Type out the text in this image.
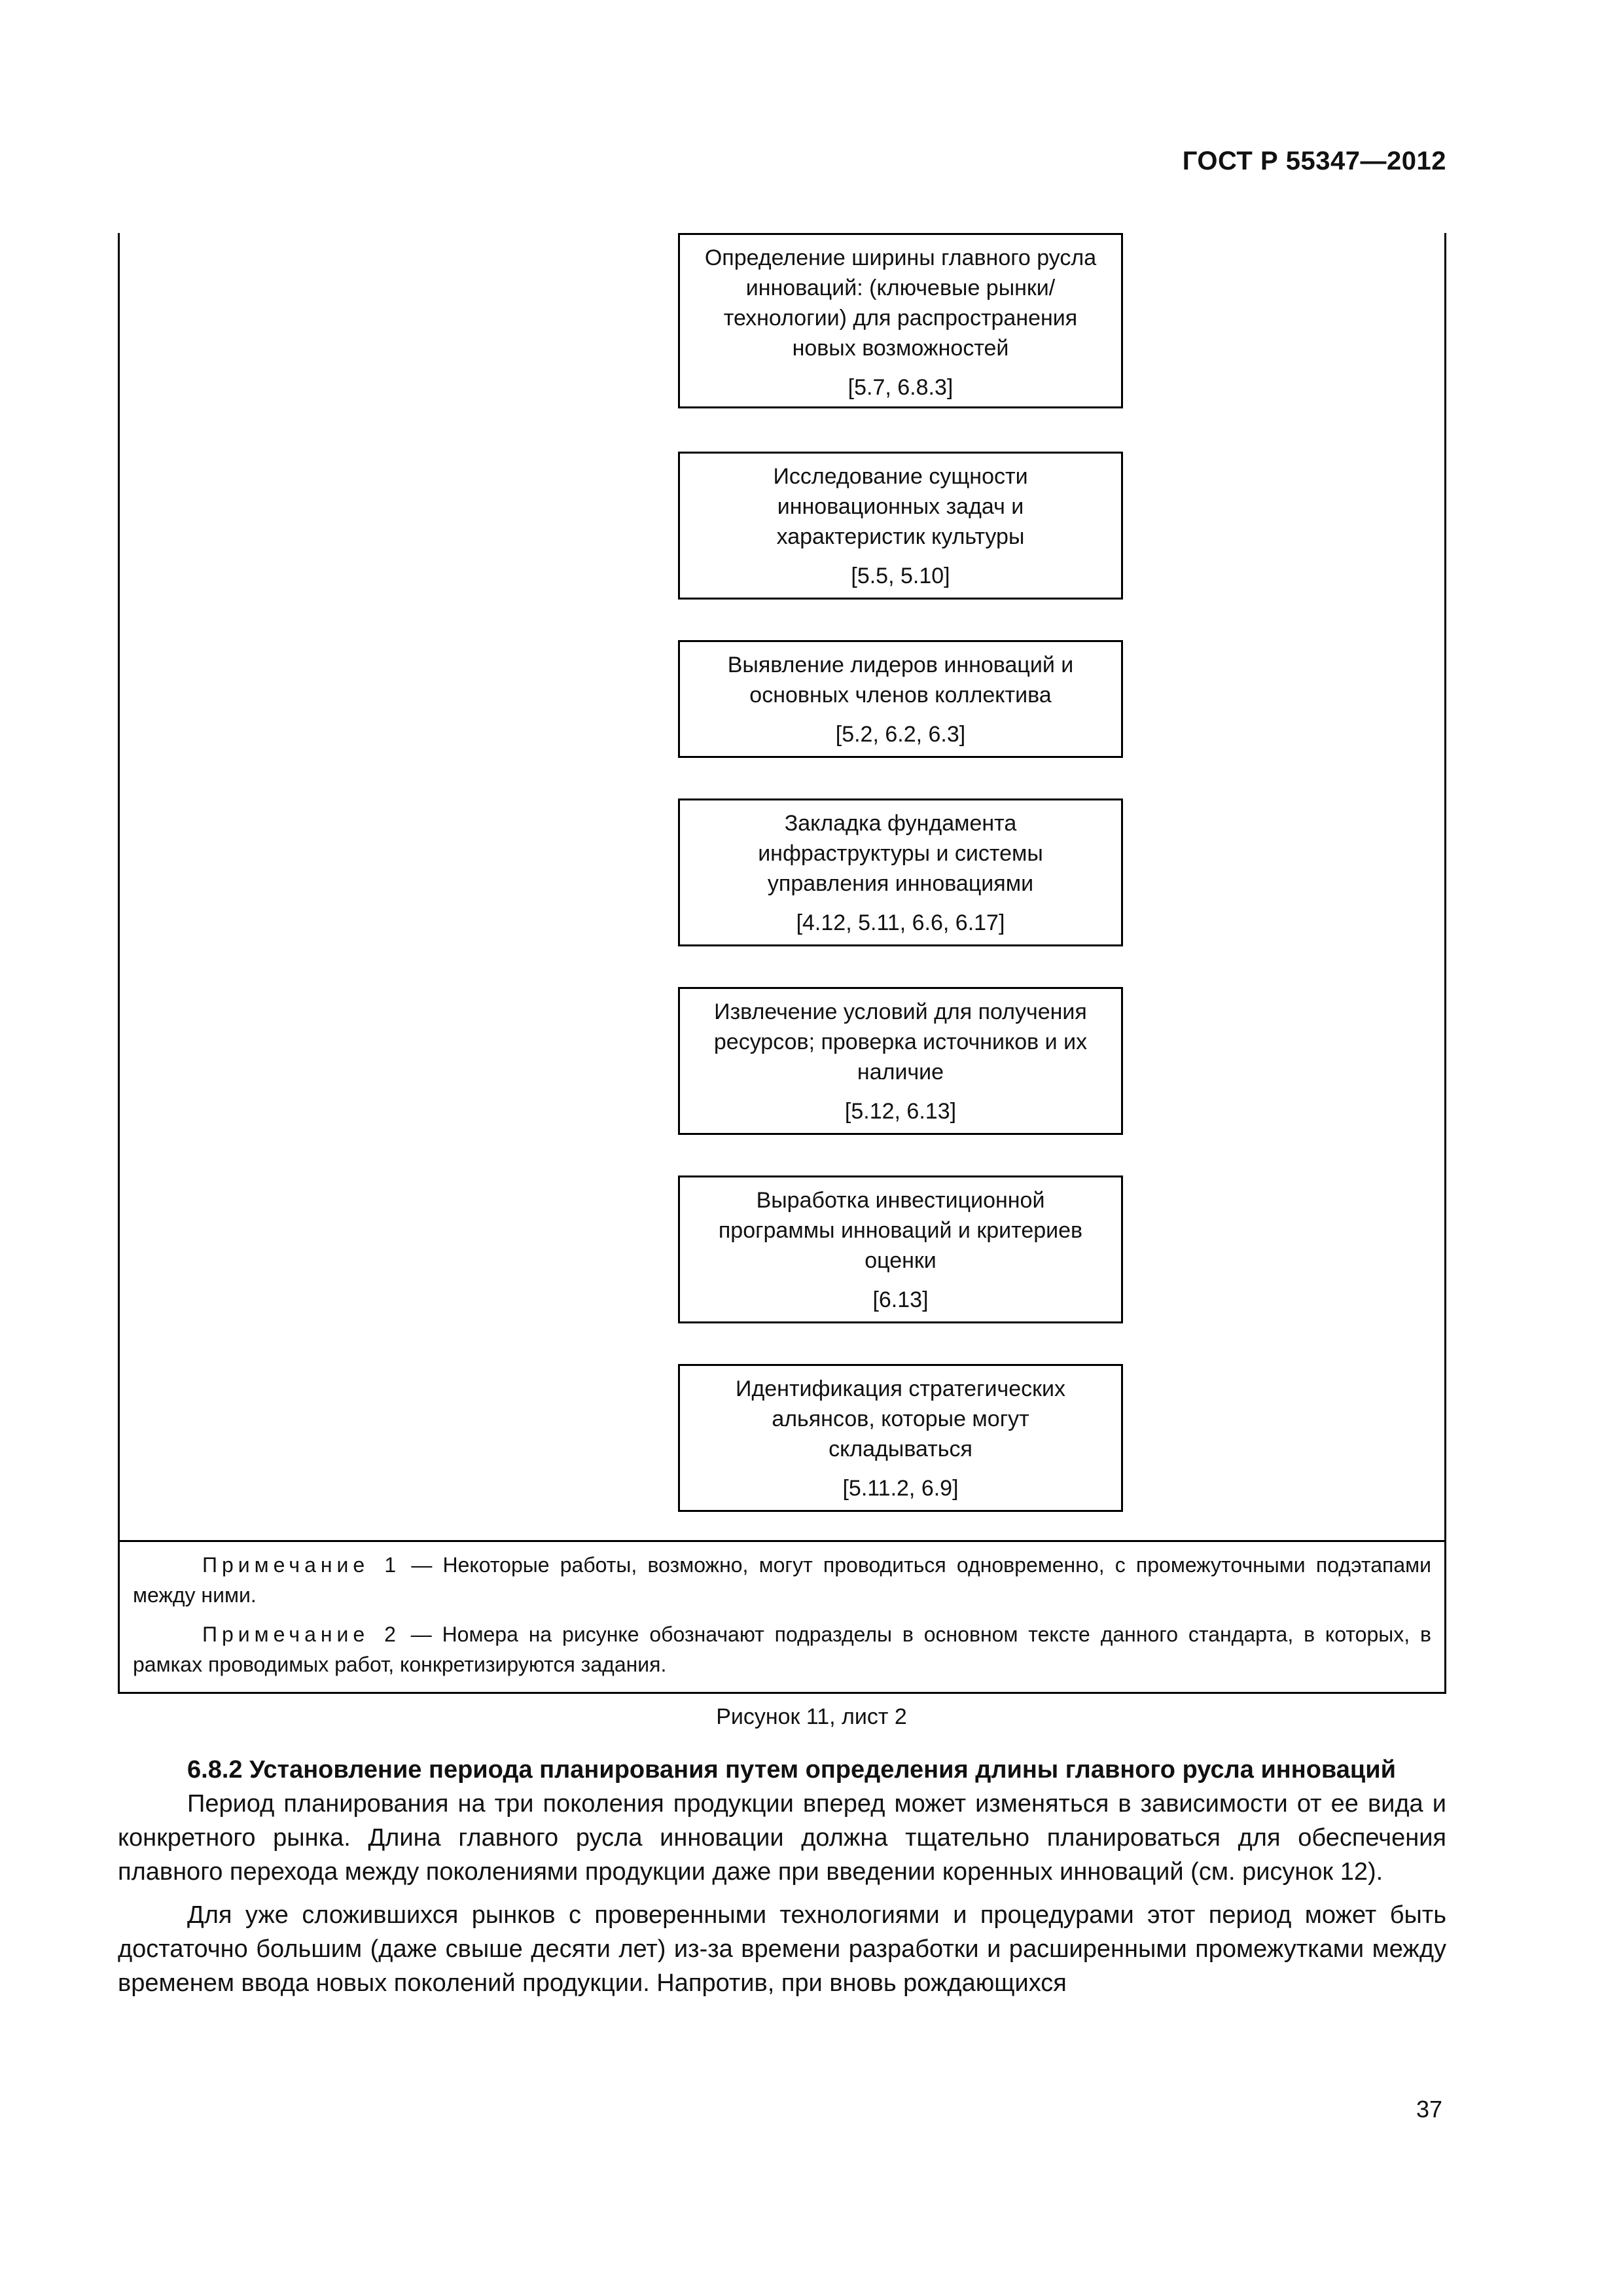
ГОСТ Р 55347—2012
Определение ширины главного русла инноваций: (ключевые рынки/ технологии) для распространения новых возможностей
[5.7, 6.8.3]
Исследование сущности инновационных задач и характеристик культуры
[5.5, 5.10]
Выявление лидеров инноваций и основных членов коллектива
[5.2, 6.2, 6.3]
Закладка фундамента инфраструктуры и системы управления инновациями
[4.12, 5.11, 6.6, 6.17]
Извлечение условий для получения ресурсов; проверка источников и их наличие
[5.12, 6.13]
Выработка инвестиционной программы инноваций и критериев оценки
[6.13]
Идентификация стратегических альянсов, которые могут складываться
[5.11.2, 6.9]

Примечание 1 — Некоторые работы, возможно, могут проводиться одновременно, с промежуточными подэтапами между ними.

Примечание 2 — Номера на рисунке обозначают подразделы в основном тексте данного стандарта, в которых, в рамках проводимых работ, конкретизируются задания.

Рисунок 11, лист 2
6.8.2 Установление периода планирования путем определения длины главного русла инноваций

Период планирования на три поколения продукции вперед может изменяться в зависимости от ее вида и конкретного рынка. Длина главного русла инновации должна тщательно планироваться для обеспечения плавного перехода между поколениями продукции даже при введении коренных инноваций (см. рисунок 12).

Для уже сложившихся рынков с проверенными технологиями и процедурами этот период может быть достаточно большим (даже свыше десяти лет) из-за времени разработки и расширенными промежутками между временем ввода новых поколений продукции. Напротив, при вновь рождающихся

37
